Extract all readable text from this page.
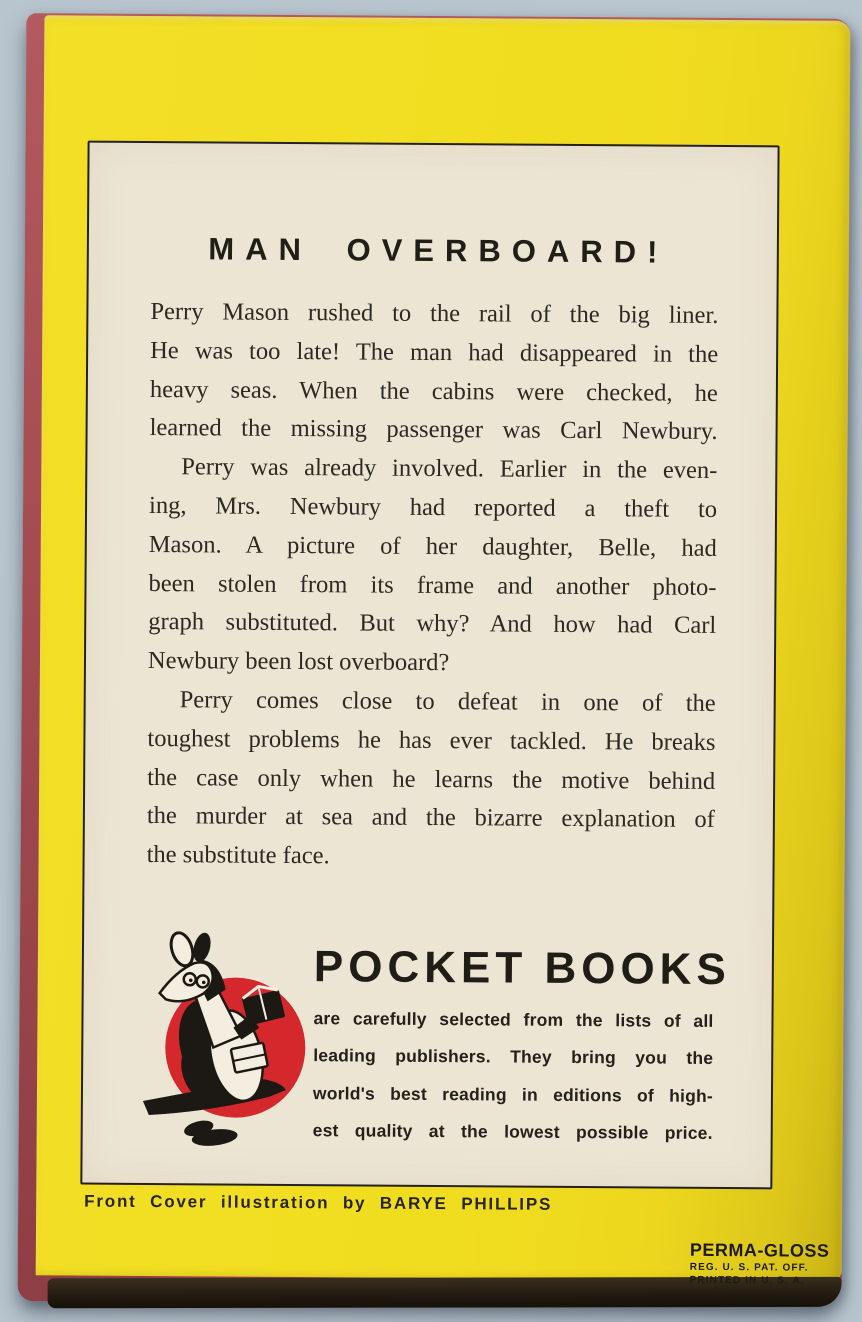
MAN OVERBOARD!

Perry Mason rushed to the rail of the big liner.
He was too late! The man had disappeared in the
heavy seas. When the cabins were checked, he
learned the missing passenger was Carl Newbury.

Perry was already involved. Earlier in the even-
ing, Mrs. Newbury had reported a theft to
Mason. A picture of her daughter, Belle, had
been stolen from its frame and another photo-
graph substituted. But why? And how had Carl
Newbury been lost overboard?

Perry comes close to defeat in one of the
toughest problems he has ever tackled. He breaks
the case only when he learns the motive behind
the murder at sea and the bizarre explanation of
the substitute face.

POCKET BOOKS
are carefully selected from the lists of all
leading publishers. They bring you the
world's best reading in editions of high-
est quality at the lowest possible price.

Front Cover illustration by BARYE PHILLIPS

PERMA-GLOSS

REG. U. S. PAT. OFF.

PRINTED IN U. S. A.
